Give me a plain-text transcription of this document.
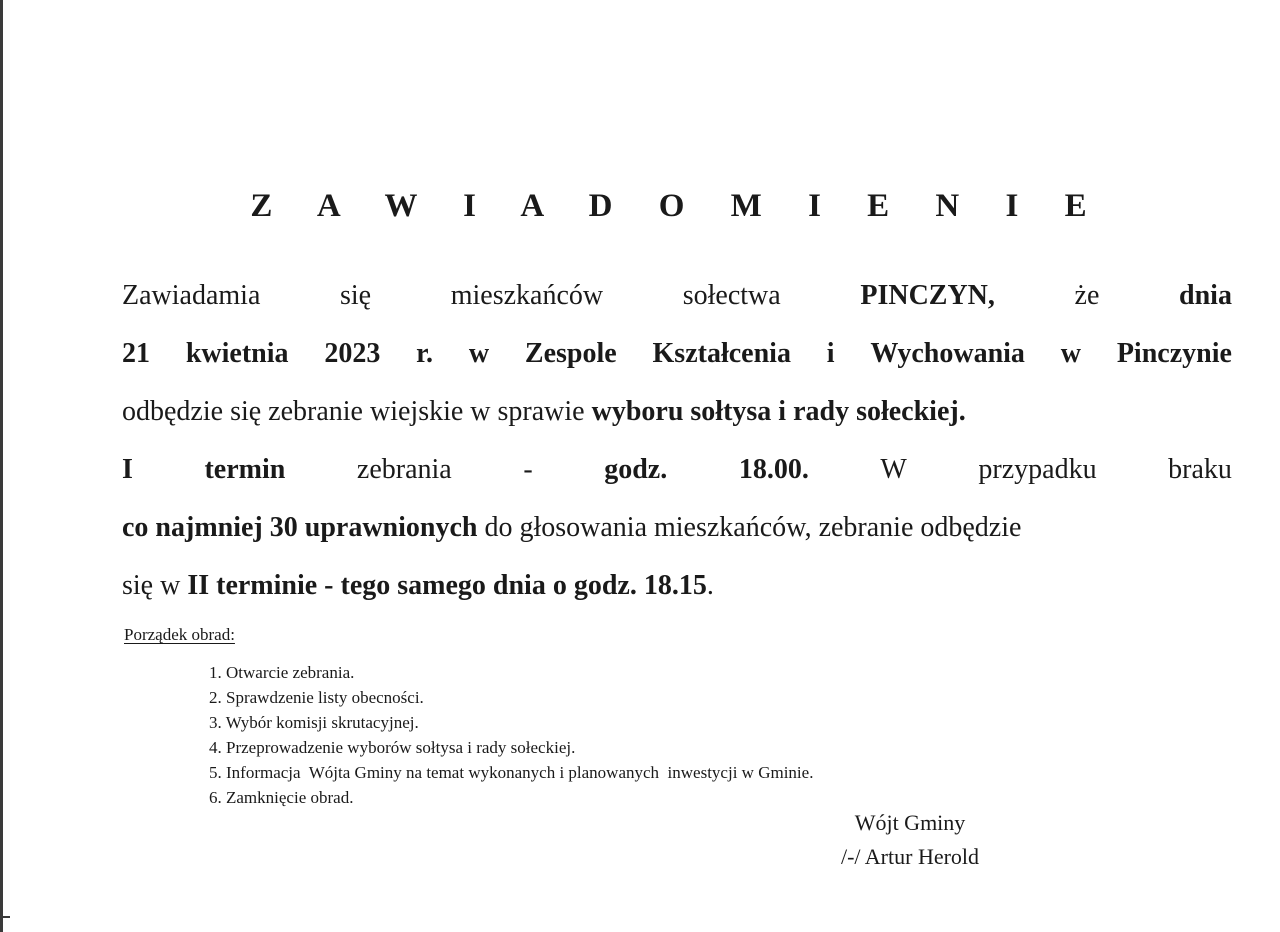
Z A W I A D O M I E N I E
Zawiadamia	się	mieszkańców	sołectwa	PINCZYN,	że	dnia
21 kwietnia 2023 r. w Zespole Kształcenia i Wychowania w Pinczynie
odbędzie się zebranie wiejskie w sprawie wyboru sołtysa i rady sołeckiej.
I	termin	zebrania	-	godz.	18.00.	W	przypadku	braku
co najmniej 30 uprawnionych do głosowania mieszkańców, zebranie odbędzie
się w II terminie - tego samego dnia o godz. 18.15.
Porządek obrad:
1. Otwarcie zebrania.
2. Sprawdzenie listy obecności.
3. Wybór komisji skrutacyjnej.
4. Przeprowadzenie wyborów sołtysa i rady sołeckiej.
5. Informacja  Wójta Gminy na temat wykonanych i planowanych  inwestycji w Gminie.
6. Zamknięcie obrad.
Wójt Gminy
/-/ Artur Herold
